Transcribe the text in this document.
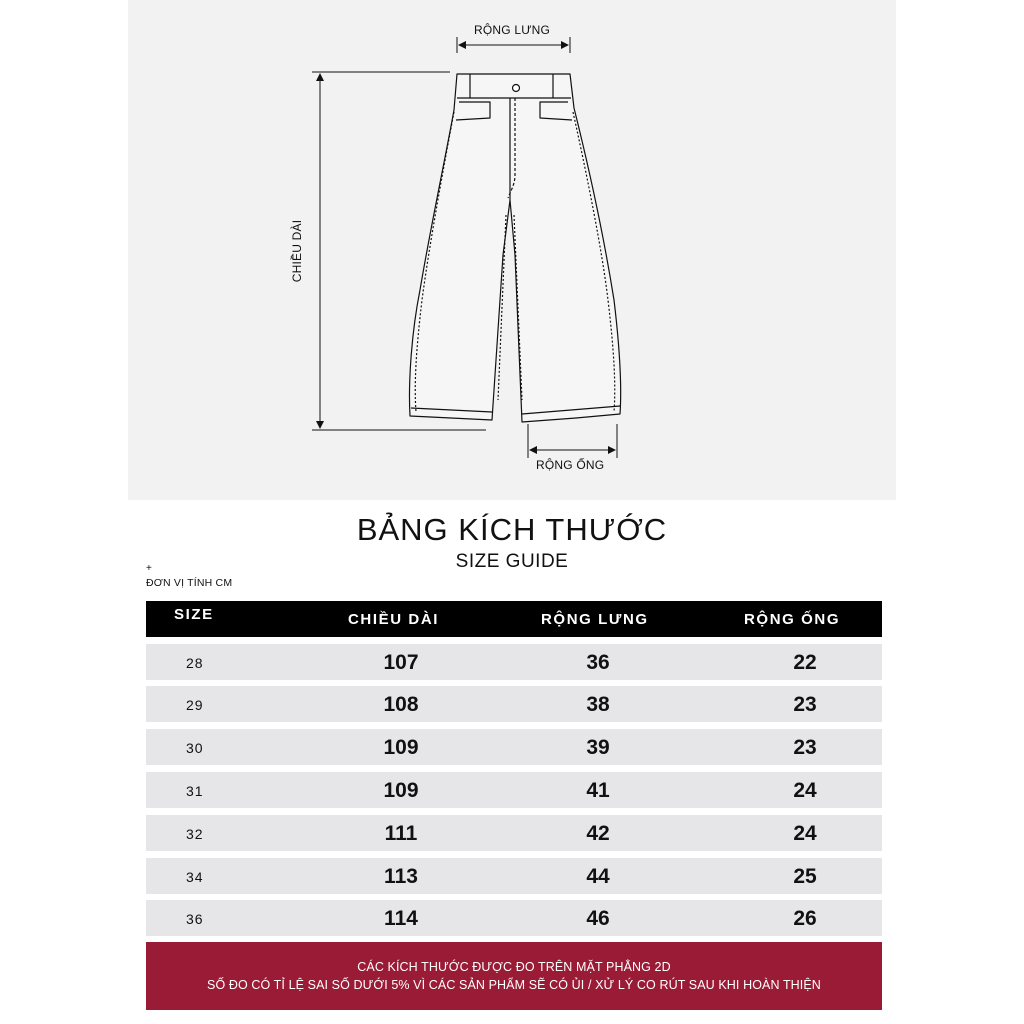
RỘNG LƯNG
CHIỀU DÀI
RỘNG ỐNG
BẢNG KÍCH THƯỚC
SIZE GUIDE
+
ĐƠN VỊ TÍNH CM
SIZE	CHIỀU DÀI	RỘNG LƯNG	RỘNG ỐNG
28	107	36	22
29	108	38	23
30	109	39	23
31	109	41	24
32	111	42	24
34	113	44	25
36	114	46	26
CÁC KÍCH THƯỚC ĐƯỢC ĐO TRÊN MẶT PHẲNG 2D
SỐ ĐO CÓ TỈ LỆ SAI SỐ DƯỚI 5% VÌ CÁC SẢN PHẨM SẼ CÓ ỦI / XỬ LÝ CO RÚT SAU KHI HOÀN THIỆN
